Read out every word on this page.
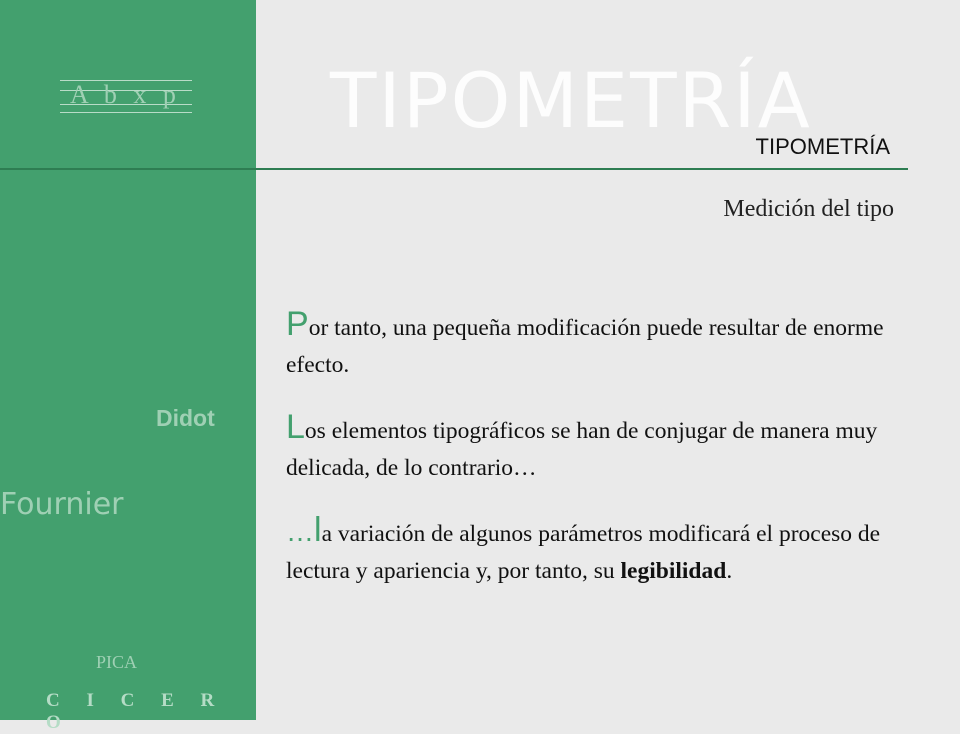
A b x p
Didot
Fournier
PICA
C I C E R O
TIPOMETRÍA
TIPOMETRÍA
Medición del tipo

Por tanto, una pequeña modificación puede resultar de enorme efecto.

Los elementos tipográficos se han de conjugar de manera muy delicada, de lo contrario…

…la variación de algunos parámetros modificará el proceso de lectura y apariencia y, por tanto, su legibilidad.
